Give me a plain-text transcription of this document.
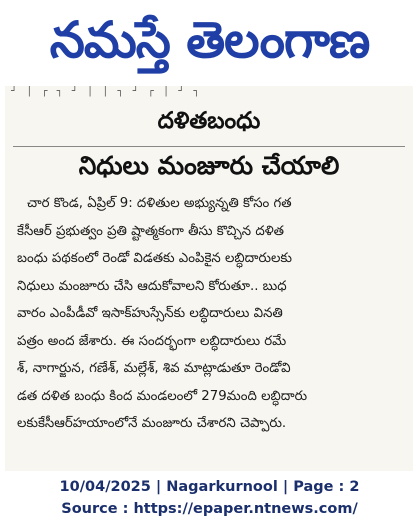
నమస్తే తెలంగాణ
┘ │ ┌ ┐ ┘ │ │ ┐ ┘ ┌ │ ┘ ┐
దళితబంధు
నిధులు మంజూరు చేయాలి
చార కొండ, ఏప్రిల్ 9: దళితుల అభ్యున్నతి కోసం గత
కేసీఆర్ ప్రభుత్వం ప్రతి ష్టాత్మకంగా తీసు కొచ్చిన దళిత
బంధు పథకంలో రెండో విడతకు ఎంపికైన లబ్ధిదారులకు
నిధులు మంజూరు చేసి ఆదుకోవాలని కోరుతూ.. బుధ
వారం ఎంపీడీవో ఇసాక్‌హుస్సేన్‌కు లబ్ధిదారులు వినతి
పత్రం అంద జేశారు. ఈ సందర్భంగా లబ్ధిదారులు రమే
శ్, నాగార్జున, గణేశ్, మల్లేశ్, శివ మాట్లాడుతూ రెండోవి
డత దళిత బంధు కింద మండలంలో 279మంది లబ్ధిదారు
లకుకేసీఆర్‌హయాంలోనే మంజూరు చేశారని చెప్పారు.
10/04/2025 | Nagarkurnool | Page : 2
Source : https://epaper.ntnews.com/
